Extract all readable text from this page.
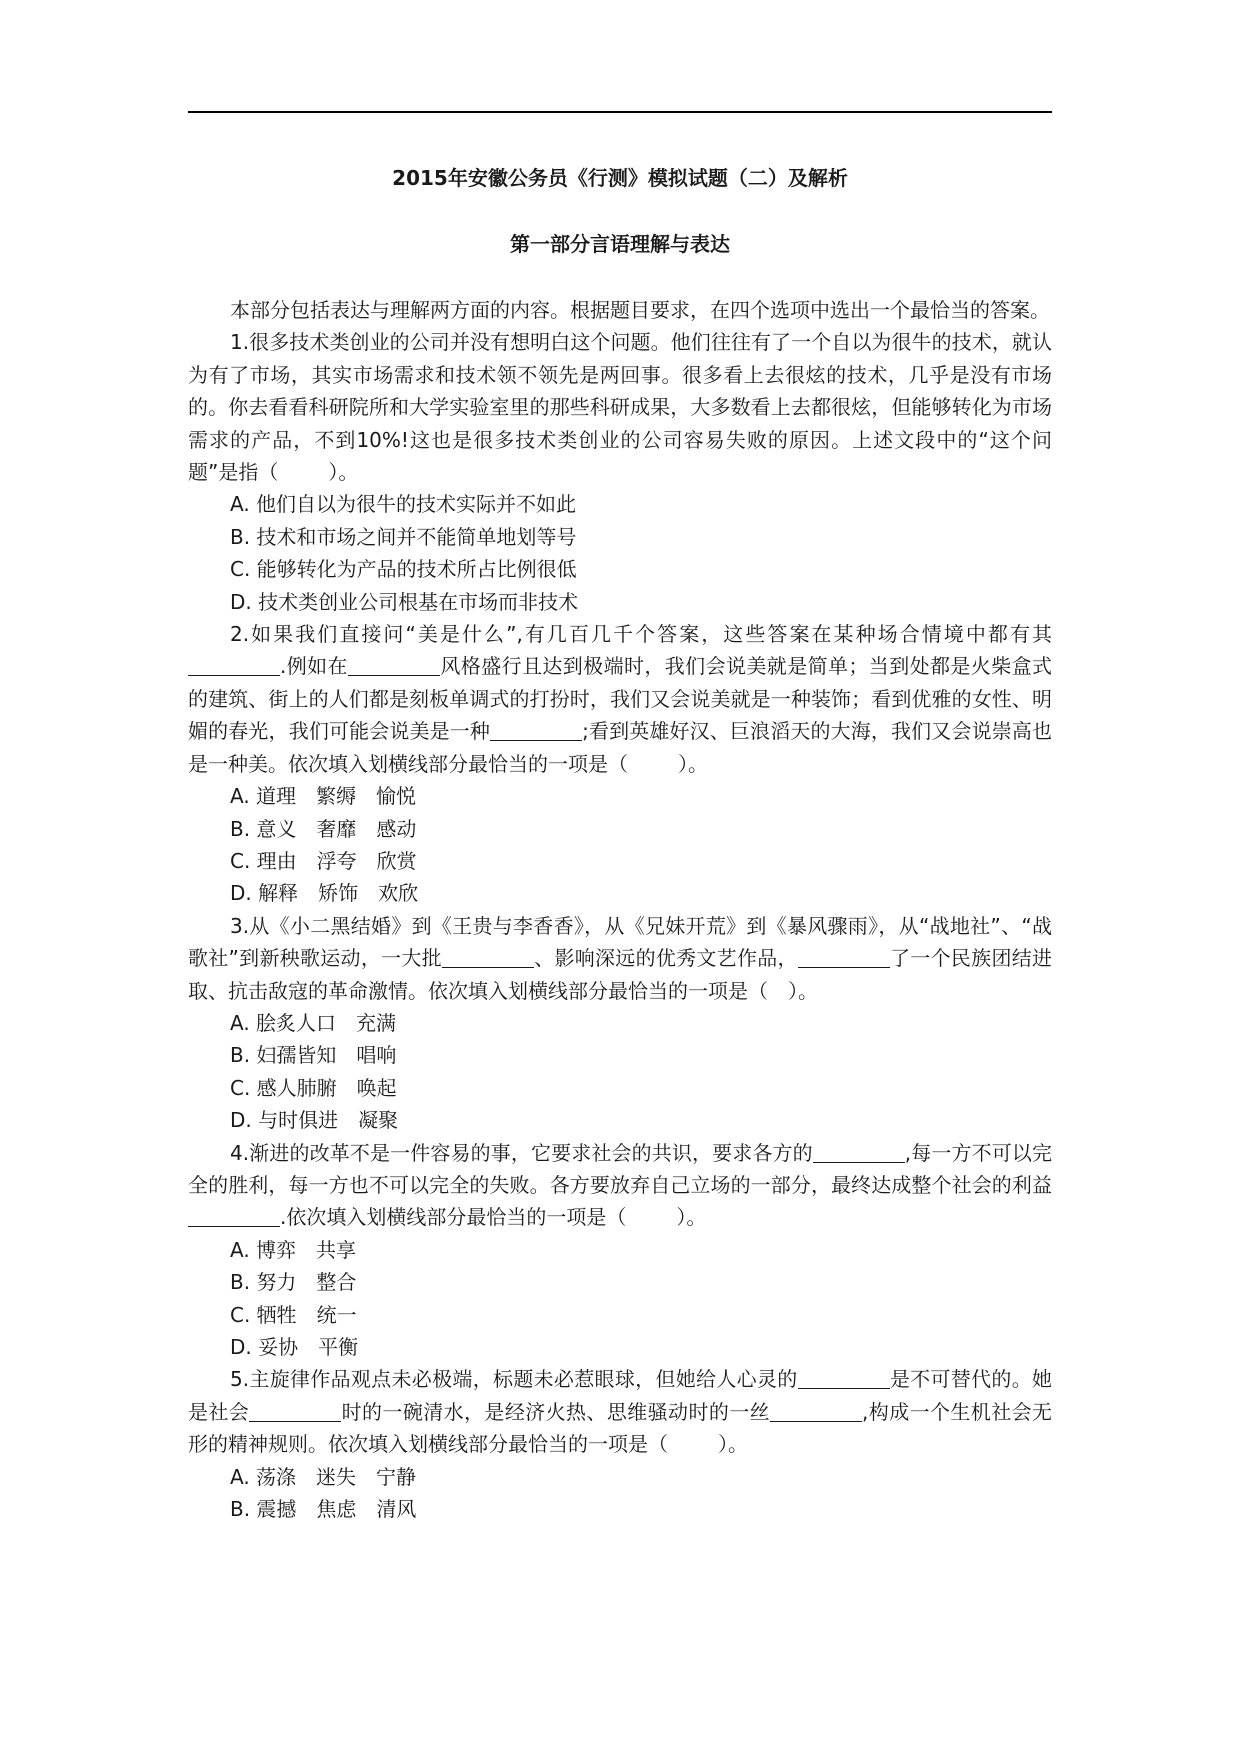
2015年安徽公务员《行测》模拟试题（二）及解析
第一部分言语理解与表达

本部分包括表达与理解两方面的内容。根据题目要求，在四个选项中选出一个最恰当的答案。

1.很多技术类创业的公司并没有想明白这个问题。他们往往有了一个自以为很牛的技术，就认为有了市场，其实市场需求和技术领不领先是两回事。很多看上去很炫的技术，几乎是没有市场的。你去看看科研院所和大学实验室里的那些科研成果，大多数看上去都很炫，但能够转化为市场需求的产品，不到10%!这也是很多技术类创业的公司容易失败的原因。上述文段中的“这个问题”是指（	）。

A. 他们自以为很牛的技术实际并不如此

B. 技术和市场之间并不能简单地划等号

C. 能够转化为产品的技术所占比例很低

D. 技术类创业公司根基在市场而非技术

2.如果我们直接问“美是什么”,有几百几千个答案，这些答案在某种场合情境中都有其.例如在	风格盛行且达到极端时，我们会说美就是简单；当到处都是火柴盒式的建筑、街上的人们都是刻板单调式的打扮时，我们又会说美就是一种装饰；看到优雅的女性、明媚的春光，我们可能会说美是一种	;看到英雄好汉、巨浪滔天的大海，我们又会说崇高也是一种美。依次填入划横线部分最恰当的一项是（	）。

A. 道理　繁缛　愉悦

B. 意义　奢靡　感动

C. 理由　浮夸　欣赏

D. 解释　矫饰　欢欣

3.从《小二黑结婚》到《王贵与李香香》，从《兄妹开荒》到《暴风骤雨》，从“战地社”、“战歌社”到新秧歌运动，一大批	、影响深远的优秀文艺作品，	了一个民族团结进取、抗击敌寇的革命激情。依次填入划横线部分最恰当的一项是（　）。

A. 脍炙人口　充满

B. 妇孺皆知　唱响

C. 感人肺腑　唤起

D. 与时俱进　凝聚

4.渐进的改革不是一件容易的事，它要求社会的共识，要求各方的	,每一方不可以完全的胜利，每一方也不可以完全的失败。各方要放弃自己立场的一部分，最终达成整个社会的利益.依次填入划横线部分最恰当的一项是（	）。

A. 博弈　共享

B. 努力　整合

C. 牺牲　统一

D. 妥协　平衡

5.主旋律作品观点未必极端，标题未必惹眼球，但她给人心灵的	是不可替代的。她是社会	时的一碗清水，是经济火热、思维骚动时的一丝	,构成一个生机社会无形的精神规则。依次填入划横线部分最恰当的一项是（	）。

A. 荡涤　迷失　宁静

B. 震撼　焦虑　清风
